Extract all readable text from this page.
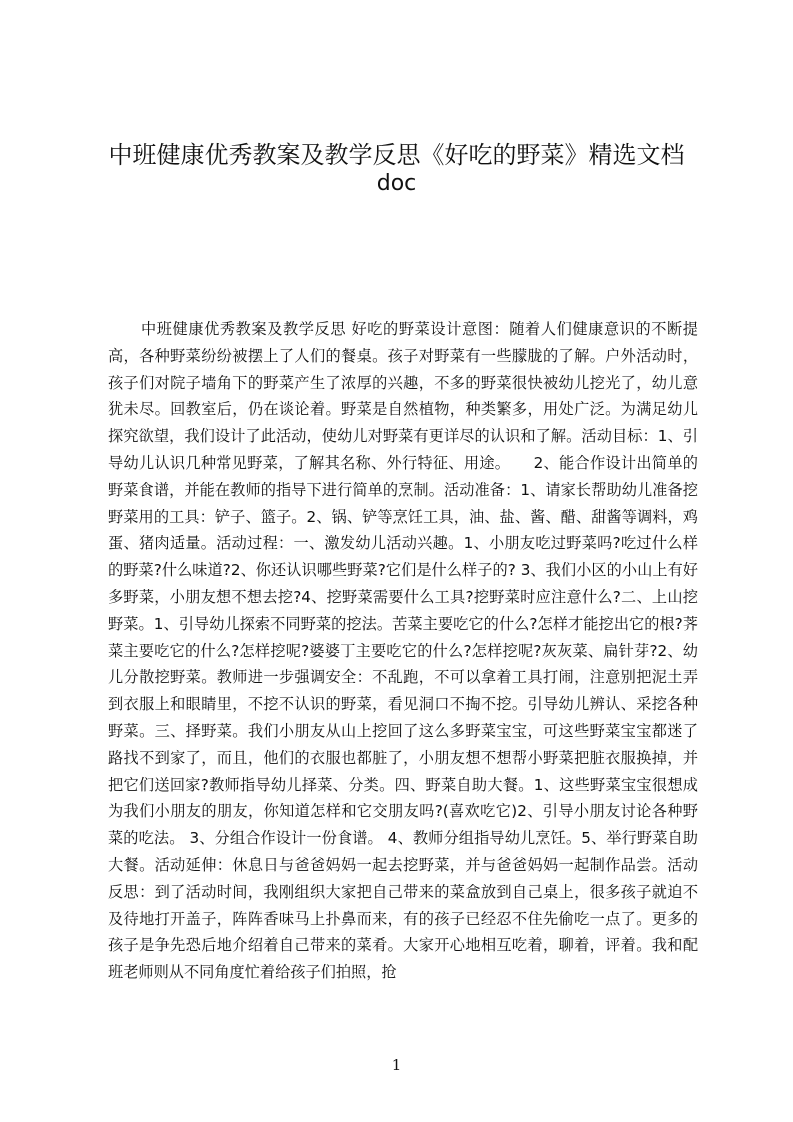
中班健康优秀教案及教学反思《好吃的野菜》精选文档
doc

中班健康优秀教案及教学反思 好吃的野菜设计意图：随着人们健康意识的不断提高，各种野菜纷纷被摆上了人们的餐桌。孩子对野菜有一些朦胧的了解。户外活动时，孩子们对院子墙角下的野菜产生了浓厚的兴趣，不多的野菜很快被幼儿挖光了，幼儿意犹未尽。回教室后，仍在谈论着。野菜是自然植物，种类繁多，用处广泛。为满足幼儿探究欲望，我们设计了此活动，使幼儿对野菜有更详尽的认识和了解。活动目标：1、引导幼儿认识几种常见野菜，了解其名称、外行特征、用途。　　2、能合作设计出简单的野菜食谱，并能在教师的指导下进行简单的烹制。活动准备：1、请家长帮助幼儿准备挖野菜用的工具：铲子、篮子。2、锅、铲等烹饪工具，油、盐、酱、醋、甜酱等调料，鸡蛋、猪肉适量。活动过程：一、激发幼儿活动兴趣。1、小朋友吃过野菜吗?吃过什么样的野菜?什么味道?2、你还认识哪些野菜?它们是什么样子的? 3、我们小区的小山上有好多野菜，小朋友想不想去挖?4、挖野菜需要什么工具?挖野菜时应注意什么?二、上山挖野菜。1、引导幼儿探索不同野菜的挖法。苦菜主要吃它的什么?怎样才能挖出它的根?荠菜主要吃它的什么?怎样挖呢?婆婆丁主要吃它的什么?怎样挖呢?灰灰菜、扁针芽?2、幼儿分散挖野菜。教师进一步强调安全：不乱跑，不可以拿着工具打闹，注意别把泥土弄到衣服上和眼睛里，不挖不认识的野菜，看见洞口不掏不挖。引导幼儿辨认、采挖各种野菜。三、择野菜。我们小朋友从山上挖回了这么多野菜宝宝，可这些野菜宝宝都迷了路找不到家了，而且，他们的衣服也都脏了，小朋友想不想帮小野菜把脏衣服换掉，并把它们送回家?教师指导幼儿择菜、分类。四、野菜自助大餐。1、这些野菜宝宝很想成为我们小朋友的朋友，你知道怎样和它交朋友吗?(喜欢吃它)2、引导小朋友讨论各种野菜的吃法。 3、分组合作设计一份食谱。 4、教师分组指导幼儿烹饪。5、举行野菜自助大餐。活动延伸：休息日与爸爸妈妈一起去挖野菜，并与爸爸妈妈一起制作品尝。活动反思：到了活动时间，我刚组织大家把自己带来的菜盒放到自己桌上，很多孩子就迫不及待地打开盖子，阵阵香味马上扑鼻而来，有的孩子已经忍不住先偷吃一点了。更多的孩子是争先恐后地介绍着自己带来的菜肴。大家开心地相互吃着，聊着，评着。我和配班老师则从不同角度忙着给孩子们拍照，抢

1
